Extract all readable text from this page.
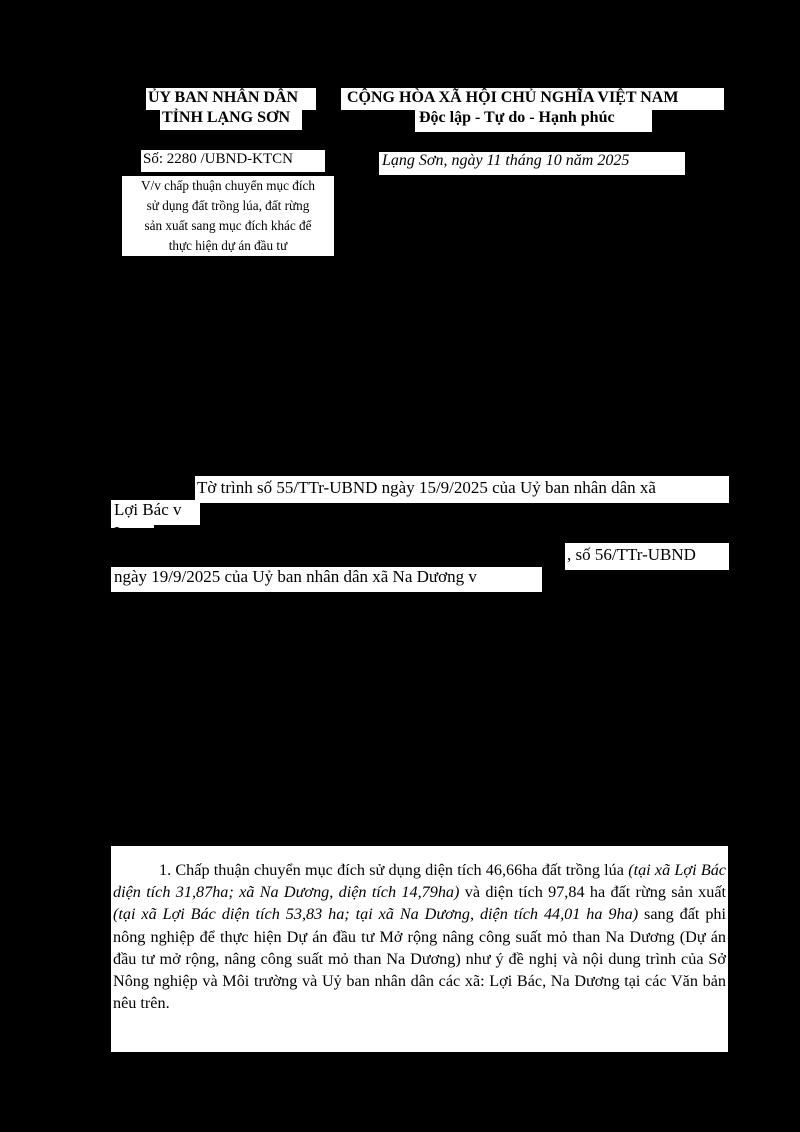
ỦY BAN NHÂN DÂN
TỈNH LẠNG SƠN
CỘNG HÒA XÃ HỘI CHỦ NGHĨA VIỆT NAM
Độc lập - Tự do - Hạnh phúc
Số: 2280 /UBND-KTCN	Lạng Sơn, ngày 11 tháng 10 năm 2025
V/v chấp thuận chuyển mục đích
sử dụng đất trồng lúa, đất rừng
sản xuất sang mục đích khác để
thực hiện dự án đầu tư
Tờ trình số 55/TTr-UBND ngày 15/9/2025 của Uỷ ban nhân dân xã
Lợi Bác v
L
, số 56/TTr-UBND
ngày 19/9/2025 của Uỷ ban nhân dân xã Na Dương v

1. Chấp thuận chuyển mục đích sử dụng diện tích 46,66ha đất trồng lúa (tại xã Lợi Bác diện tích 31,87ha; xã Na Dương, diện tích 14,79ha) và diện tích 97,84 ha đất rừng sản xuất (tại xã Lợi Bác diện tích 53,83 ha; tại xã Na Dương, diện tích 44,01 ha 9ha) sang đất phi nông nghiệp để thực hiện Dự án đầu tư Mở rộng nâng công suất mỏ than Na Dương (Dự án đầu tư mở rộng, nâng công suất mỏ than Na Dương) như ý đề nghị và nội dung trình của Sở Nông nghiệp và Môi trường và Uỷ ban nhân dân các xã: Lợi Bác, Na Dương tại các Văn bản nêu trên.
